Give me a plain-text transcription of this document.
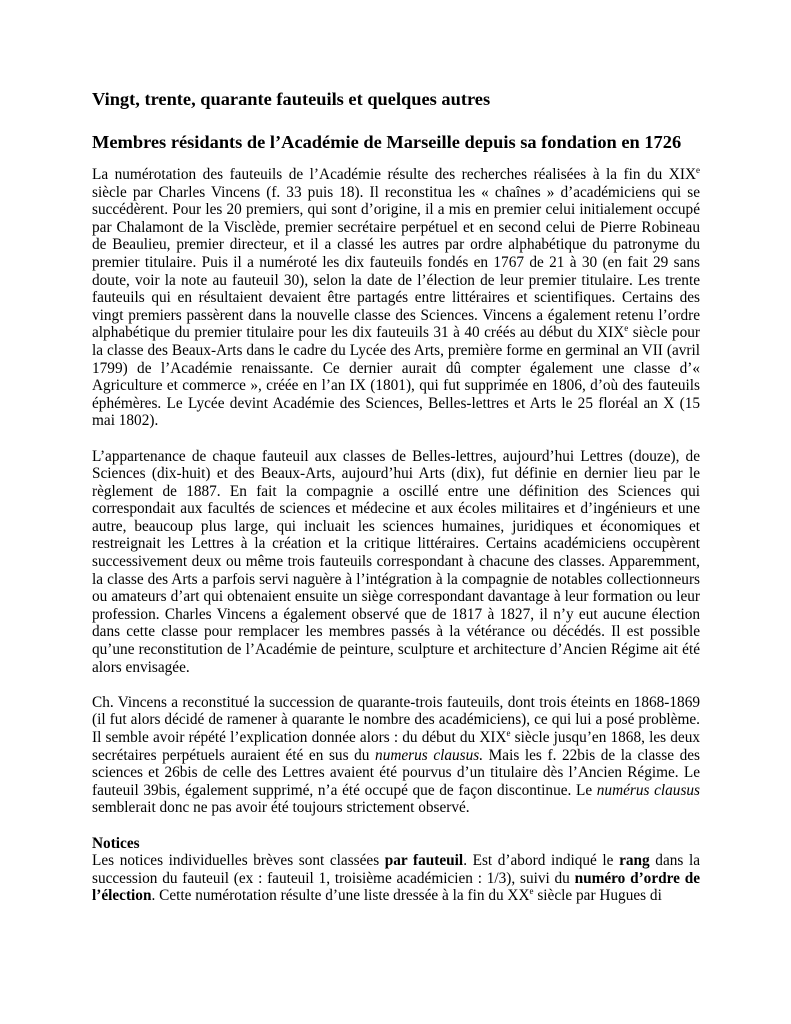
Vingt, trente, quarante fauteuils et quelques autres
Membres résidants de l’Académie de Marseille depuis sa fondation en 1726

La numérotation des fauteuils de l’Académie résulte des recherches réalisées à la fin du XIXe siècle par Charles Vincens (f. 33 puis 18). Il reconstitua les « chaînes » d’académiciens qui se succédèrent. Pour les 20 premiers, qui sont d’origine, il a mis en premier celui initialement occupé par Chalamont de la Visclède, premier secrétaire perpétuel et en second celui de Pierre Robineau de Beaulieu, premier directeur, et il a classé les autres par ordre alphabétique du patronyme du premier titulaire. Puis il a numéroté les dix fauteuils fondés en 1767 de 21 à 30 (en fait 29 sans doute, voir la note au fauteuil 30), selon la date de l’élection de leur premier titulaire. Les trente fauteuils qui en résultaient devaient être partagés entre littéraires et scientifiques. Certains des vingt premiers passèrent dans la nouvelle classe des Sciences. Vincens a également retenu l’ordre alphabétique du premier titulaire pour les dix fauteuils 31 à 40 créés au début du XIXe siècle pour la classe des Beaux-Arts dans le cadre du Lycée des Arts, première forme en germinal an VII (avril 1799) de l’Académie renaissante. Ce dernier aurait dû compter également une classe d’« Agriculture et commerce », créée en l’an IX (1801), qui fut supprimée en 1806, d’où des fauteuils éphémères. Le Lycée devint Académie des Sciences, Belles-lettres et Arts le 25 floréal an X (15 mai 1802).

L’appartenance de chaque fauteuil aux classes de Belles-lettres, aujourd’hui Lettres (douze), de Sciences (dix-huit) et des Beaux-Arts, aujourd’hui Arts (dix), fut définie en dernier lieu par le règlement de 1887. En fait la compagnie a oscillé entre une définition des Sciences qui correspondait aux facultés de sciences et médecine et aux écoles militaires et d’ingénieurs et une autre, beaucoup plus large, qui incluait les sciences humaines, juridiques et économiques et restreignait les Lettres à la création et la critique littéraires. Certains académiciens occupèrent successivement deux ou même trois fauteuils correspondant à chacune des classes. Apparemment, la classe des Arts a parfois servi naguère à l’intégration à la compagnie de notables collectionneurs ou amateurs d’art qui obtenaient ensuite un siège correspondant davantage à leur formation ou leur profession. Charles Vincens a également observé que de 1817 à 1827, il n’y eut aucune élection dans cette classe pour remplacer les membres passés à la vétérance ou décédés. Il est possible qu’une reconstitution de l’Académie de peinture, sculpture et architecture d’Ancien Régime ait été alors envisagée.

Ch. Vincens a reconstitué la succession de quarante-trois fauteuils, dont trois éteints en 1868-1869 (il fut alors décidé de ramener à quarante le nombre des académiciens), ce qui lui a posé problème. Il semble avoir répété l’explication donnée alors : du début du XIXe siècle jusqu’en 1868, les deux secrétaires perpétuels auraient été en sus du numerus clausus. Mais les f. 22bis de la classe des sciences et 26bis de celle des Lettres avaient été pourvus d’un titulaire dès l’Ancien Régime. Le fauteuil 39bis, également supprimé, n’a été occupé que de façon discontinue. Le numérus clausus semblerait donc ne pas avoir été toujours strictement observé.

Notices

Les notices individuelles brèves sont classées par fauteuil. Est d’abord indiqué le rang dans la succession du fauteuil (ex : fauteuil 1, troisième académicien : 1/3), suivi du numéro d’ordre de l’élection. Cette numérotation résulte d’une liste dressée à la fin du XXe siècle par Hugues di
